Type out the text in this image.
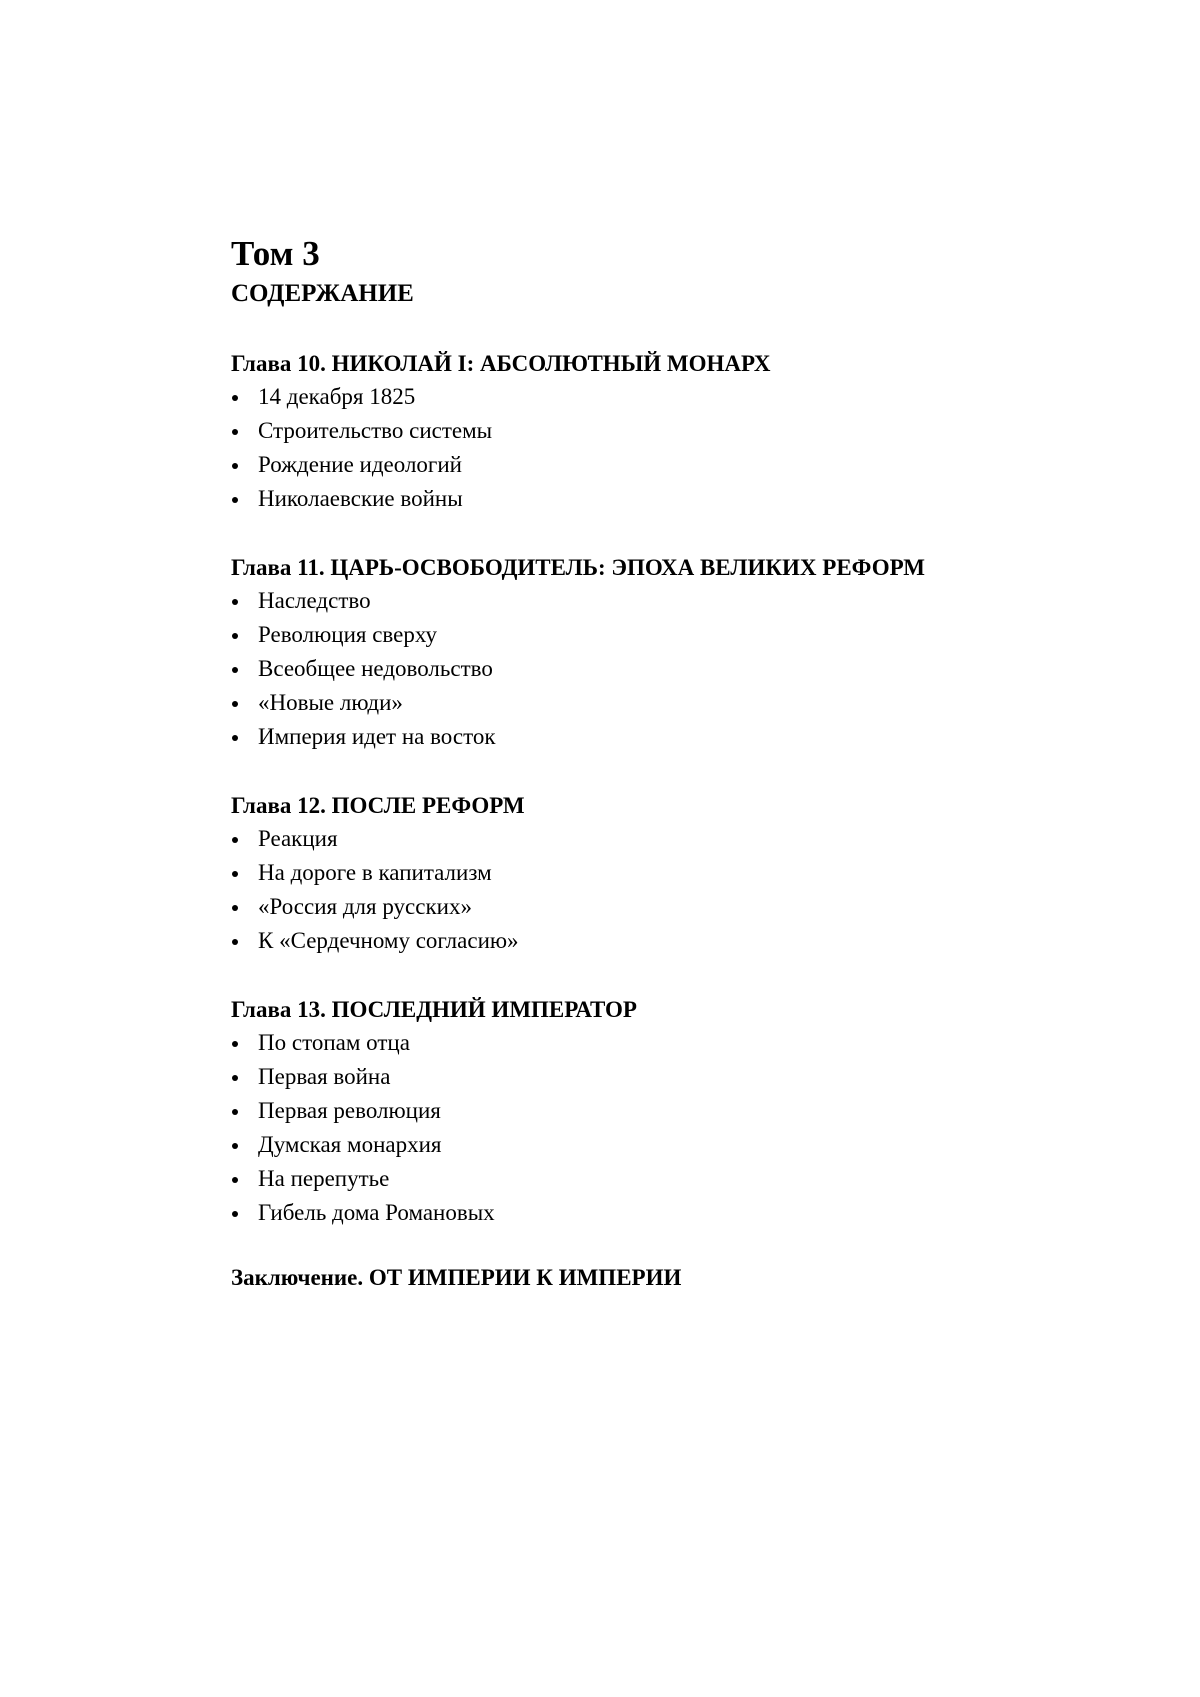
Том 3
СОДЕРЖАНИЕ
Глава 10. НИКОЛАЙ I: АБСОЛЮТНЫЙ МОНАРХ
14 декабря 1825
Строительство системы
Рождение идеологий
Николаевские войны
Глава 11. ЦАРЬ-ОСВОБОДИТЕЛЬ: ЭПОХА ВЕЛИКИХ РЕФОРМ
Наследство
Революция сверху
Всеобщее недовольство
«Новые люди»
Империя идет на восток
Глава 12. ПОСЛЕ РЕФОРМ
Реакция
На дороге в капитализм
«Россия для русских»
К «Сердечному согласию»
Глава 13. ПОСЛЕДНИЙ ИМПЕРАТОР
По стопам отца
Первая война
Первая революция
Думская монархия
На перепутье
Гибель дома Романовых
Заключение. ОТ ИМПЕРИИ К ИМПЕРИИ
